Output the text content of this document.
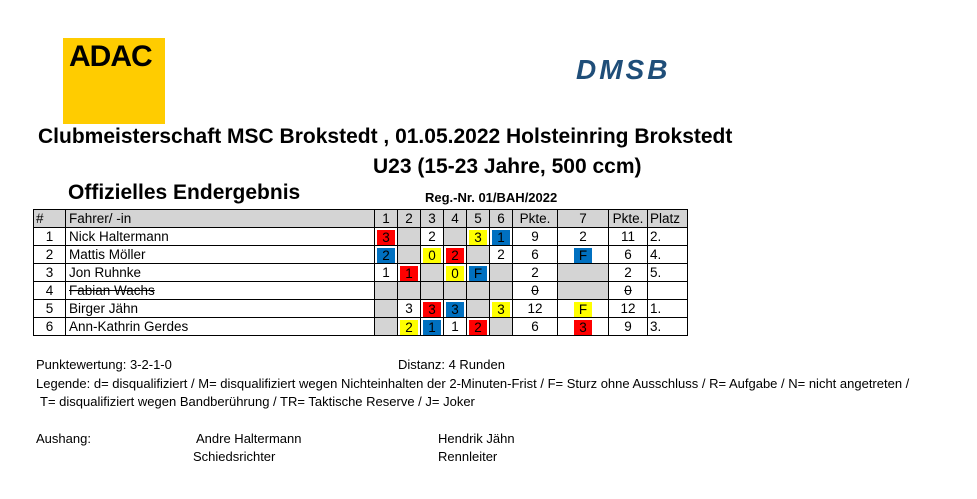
ADAC	DMSB
Clubmeisterschaft MSC Brokstedt , 01.05.2022 Holsteinring Brokstedt
U23 (15-23 Jahre, 500 ccm)
Offizielles Endergebnis	Reg.-Nr. 01/BAH/2022
#	Fahrer/ -in	1	2	3	4	5	6	Pkte.	7	Pkte.	Platz
1	Nick Haltermann	3		2		3	1	9	2	11	2.
2	Mattis Möller	2		0	2		2	6	F	6	4.
3	Jon Ruhnke	1	1		0	F		2		2	5.
4	Fabian Wachs							0		0	
5	Birger Jähn		3	3	3		3	12	F	12	1.
6	Ann-Kathrin Gerdes		2	1	1	2		6	3	9	3.
Punktewertung: 3-2-1-0	Distanz: 4 Runden
Legende: d= disqualifiziert / M= disqualifiziert wegen Nichteinhalten der 2-Minuten-Frist / F= Sturz ohne Ausschluss / R= Aufgabe / N= nicht angetreten /
T= disqualifiziert wegen Bandberührung / TR= Taktische Reserve / J= Joker
Aushang:	Andre Haltermann
Schiedsrichter
Hendrik Jähn
Rennleiter
